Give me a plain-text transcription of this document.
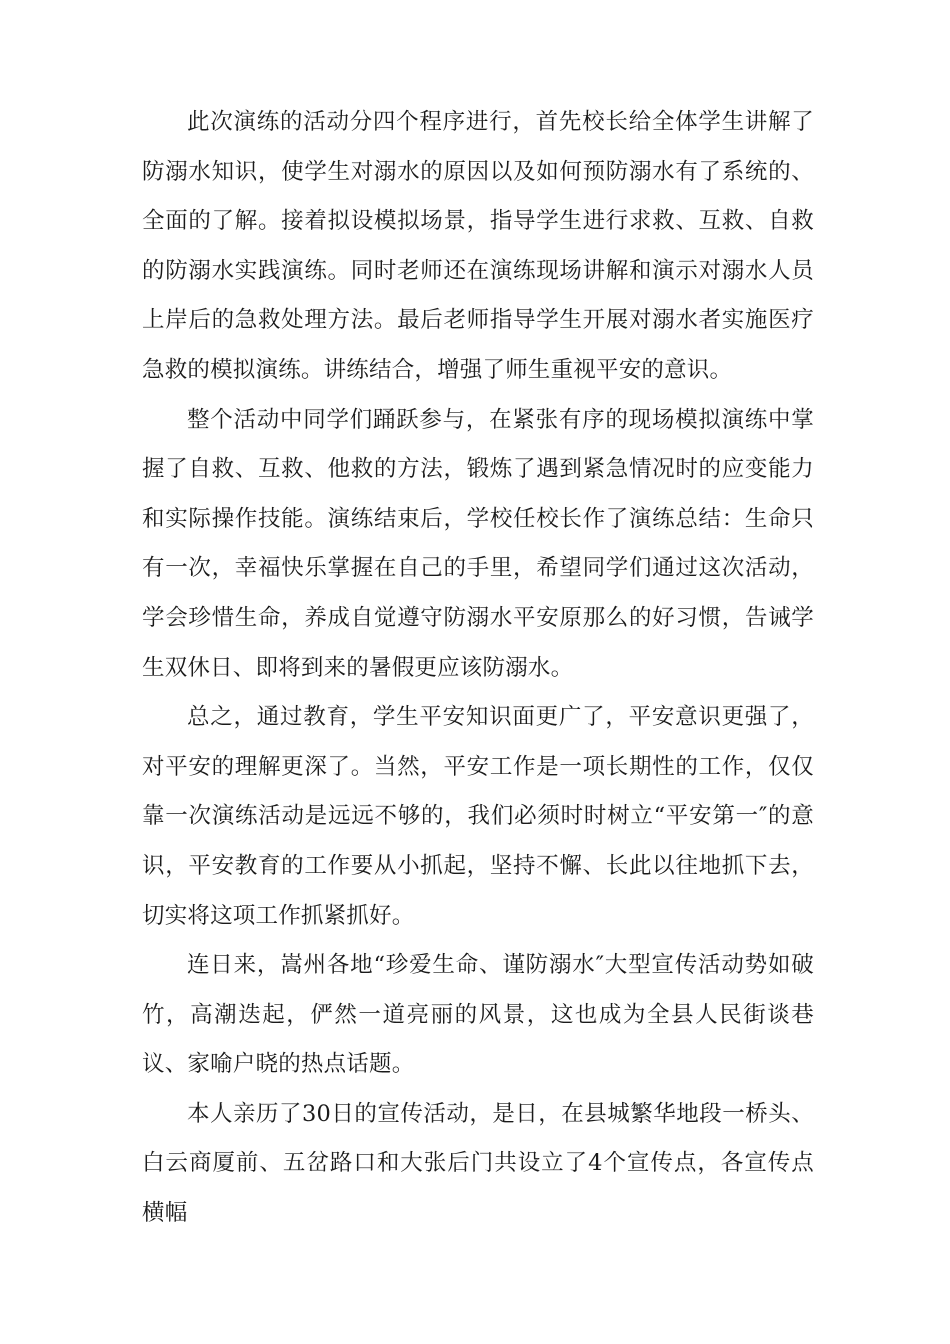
此次演练的活动分四个程序进行，首先校长给全体学生讲解了防溺水知识，使学生对溺水的原因以及如何预防溺水有了系统的、全面的了解。接着拟设模拟场景，指导学生进行求救、互救、自救的防溺水实践演练。同时老师还在演练现场讲解和演示对溺水人员上岸后的急救处理方法。最后老师指导学生开展对溺水者实施医疗急救的模拟演练。讲练结合，增强了师生重视平安的意识。

整个活动中同学们踊跃参与，在紧张有序的现场模拟演练中掌握了自救、互救、他救的方法，锻炼了遇到紧急情况时的应变能力和实际操作技能。演练结束后，学校任校长作了演练总结：生命只有一次，幸福快乐掌握在自己的手里，希望同学们通过这次活动，学会珍惜生命，养成自觉遵守防溺水平安原那么的好习惯，告诫学生双休日、即将到来的暑假更应该防溺水。

总之，通过教育，学生平安知识面更广了，平安意识更强了，对平安的理解更深了。当然，平安工作是一项长期性的工作，仅仅靠一次演练活动是远远不够的，我们必须时时树立“平安第一″的意识，平安教育的工作要从小抓起，坚持不懈、长此以往地抓下去，切实将这项工作抓紧抓好。

连日来，嵩州各地“珍爱生命、谨防溺水″大型宣传活动势如破竹，高潮迭起，俨然一道亮丽的风景，这也成为全县人民街谈巷议、家喻户晓的热点话题。

本人亲历了30日的宣传活动，是日，在县城繁华地段一桥头、白云商厦前、五岔路口和大张后门共设立了4个宣传点，各宣传点横幅
